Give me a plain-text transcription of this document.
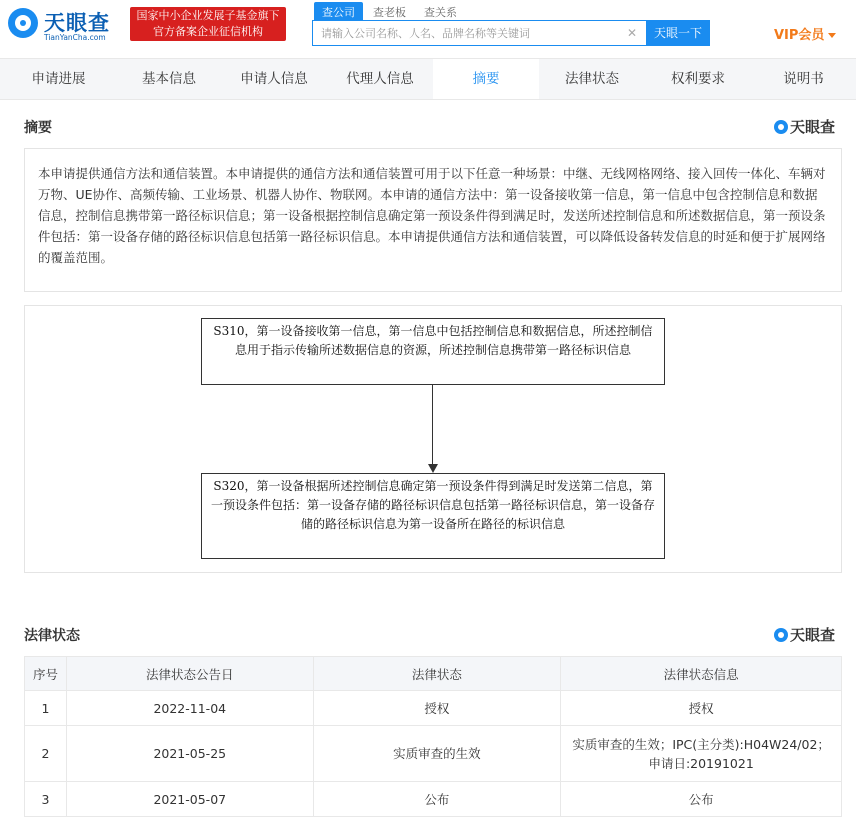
天眼查
TianYanCha.com
国家中小企业发展子基金旗下
官方备案企业征信机构
查公司	查老板	查关系
请输入公司名称、人名、品牌名称等关键词
✕	天眼一下	VIP会员
申请进展	基本信息	申请人信息	代理人信息	摘要	法律状态	权利要求	说明书
摘要	天眼查
本申请提供通信方法和通信装置。本申请提供的通信方法和通信装置可用于以下任意一种场景：中继、无线网格网络、接入回传一体化、车辆对万物、UE协作、高频传输、工业场景、机器人协作、物联网。本申请的通信方法中：第一设备接收第一信息，第一信息中包含控制信息和数据信息，控制信息携带第一路径标识信息；第一设备根据控制信息确定第一预设条件得到满足时，发送所述控制信息和所述数据信息，第一预设条件包括：第一设备存储的路径标识信息包括第一路径标识信息。本申请提供通信方法和通信装置，可以降低设备转发信息的时延和便于扩展网络的覆盖范围。
S310，第一设备接收第一信息，第一信息中包括控制信息和数据信息，所述控制信息用于指示传输所述数据信息的资源，所述控制信息携带第一路径标识信息
S320，第一设备根据所述控制信息确定第一预设条件得到满足时发送第二信息，第一预设条件包括：第一设备存储的路径标识信息包括第一路径标识信息，第一设备存储的路径标识信息为第一设备所在路径的标识信息
法律状态	天眼查
序号	法律状态公告日	法律状态	法律状态信息
1	2022-11-04	授权	授权
2	2021-05-25	实质审查的生效	实质审查的生效；IPC(主分类):H04W24/02；申请日:20191021
3	2021-05-07	公布	公布
